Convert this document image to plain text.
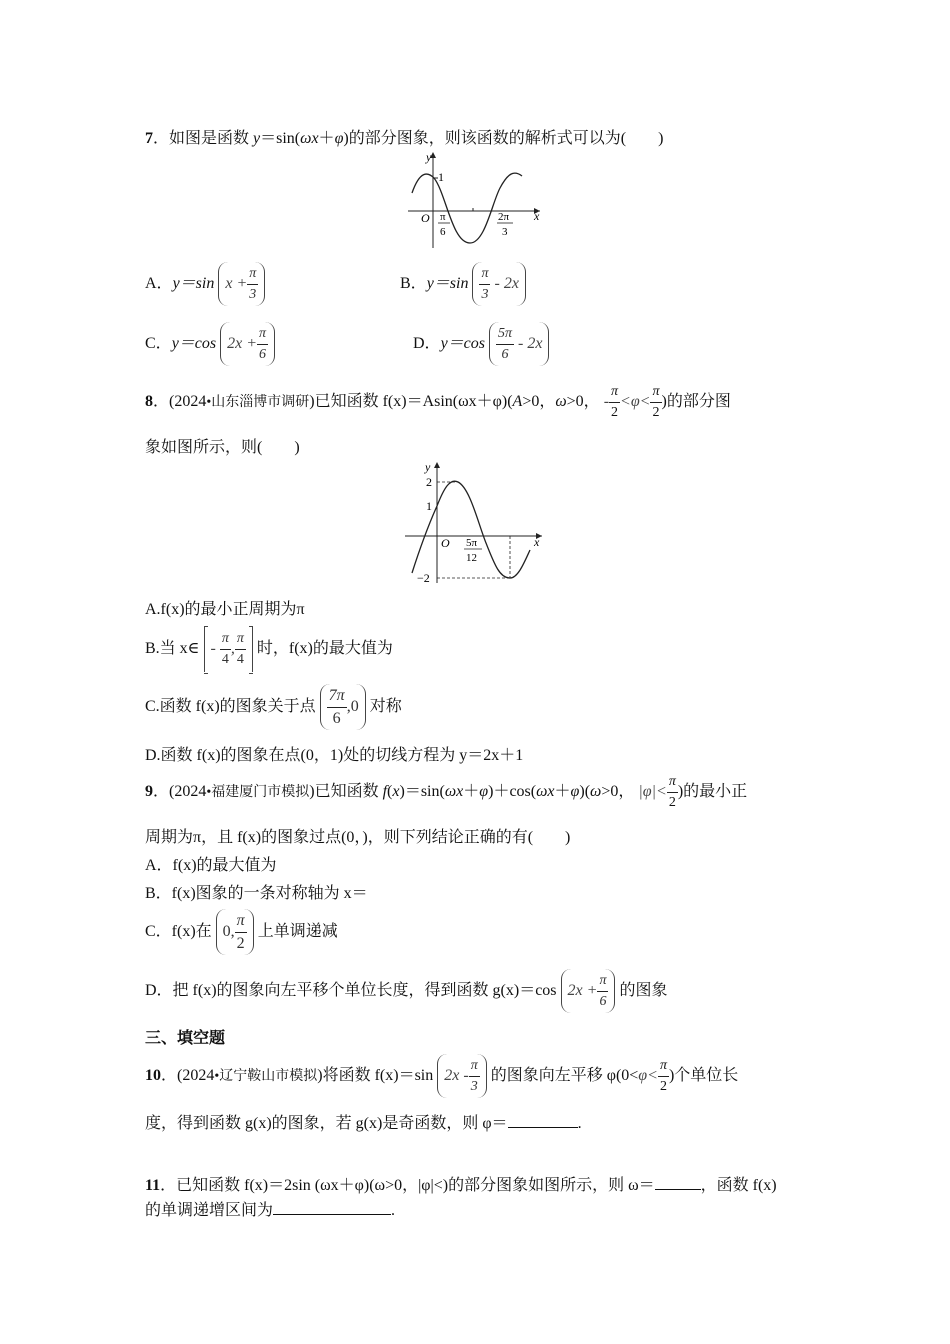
7．如图是函数 y＝sin(ωx＋φ)的部分图象，则该函数的解析式可以为(　　)
y
x
1
O π
6
2π
3
A．y＝sin $x + \frac{\pi}{3}$	B．$y=\sin \frac{\pi}{3} - 2x$
C．y＝cos $2x + \frac{\pi}{6}$	D．$y=\cos \frac{5\pi}{6} - 2x$
8．(2024•山东淄博市调研)已知函数 f(x)＝Asin(ωx＋φ)(A>0，ω>0， - $\frac{\pi}{2} <\varphi< \frac{\pi}{2}$ )的部分图
象如图所示，则(　　)
y
x
2
1
−2
O 5π
12
A.f(x)的最小正周期为π
B.当 x∈ - $\frac{\pi}{4}$ , $\frac{\pi}{4}$ 时，f(x)的最大值为
C.函数 f(x)的图象关于点 $\frac{7\pi}{6} ,0$ 对称
D.函数 f(x)的图象在点(0，1)处的切线方程为 y＝2x＋1
9．(2024•福建厦门市模拟)已知函数 f(x)＝sin(ωx＋φ)＋cos(ωx＋φ)(ω>0， $|\varphi|< \frac{\pi}{2}$ )的最小正
周期为π，且 f(x)的图象过点(0，)，则下列结论正确的有(　　)
A．f(x)的最大值为
B．f(x)图象的一条对称轴为 x＝
C．f(x)在 0, $\frac{\pi}{2}$ 上单调递减
D．把 f(x)的图象向左平移个单位长度，得到函数 g(x)＝cos $2x + \frac{\pi}{6}$ 的图象
三、填空题
10．(2024•辽宁鞍山市模拟)将函数 f(x)＝sin $2x - \frac{\pi}{3}$ 的图象向左平移 $\varphi(0<\varphi< \frac{\pi}{2}$ )个单位长
度，得到函数 g(x)的图象，若 g(x)是奇函数，则 φ＝	.
11．已知函数 f(x)＝2sin (ωx＋φ)(ω>0，|φ|<)的部分图象如图所示，则 ω＝	，函数 f(x)
的单调递增区间为	.
